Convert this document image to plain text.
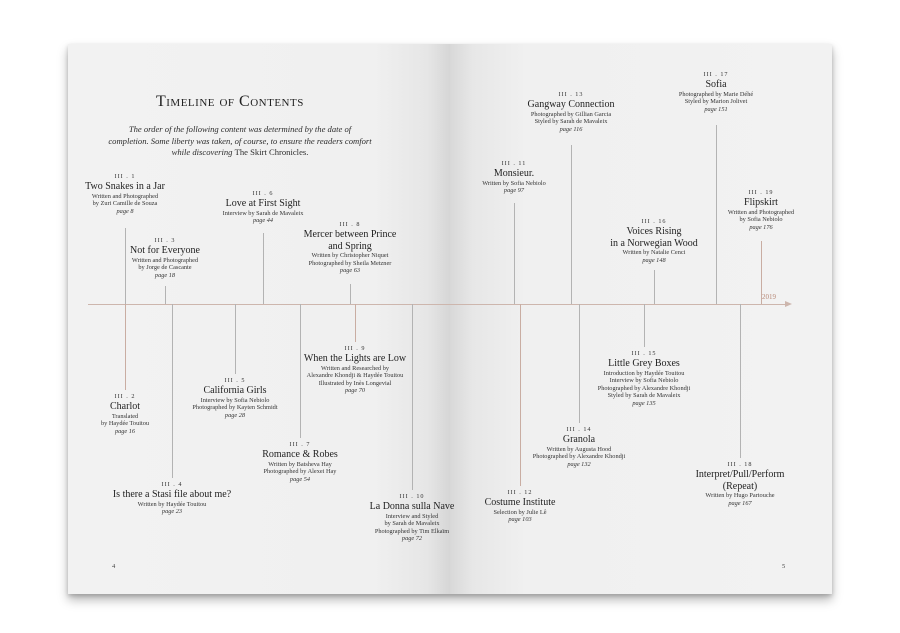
Timeline of Contents
The order of the following content was determined by the date of completion. Some liberty was taken, of course, to ensure the readers comfort while discovering The Skirt Chronicles.
2019
III . 1
Two Snakes in a Jar
Written and Photographed
by Zuri Camille de Souza
page 8
III . 2
Charlot
Translated
by Haydée Touitou
page 16
III . 3
Not for Everyone
Written and Photographed
by Jorge de Cascante
page 18
III . 4
Is there a Stasi file about me?
Written by Haydée Touitou
page 23
III . 5
California Girls
Interview by Sofia Nebiolo
Photographed by Kayten Schmidt
page 28
III . 6
Love at First Sight
Interview by Sarah de Mavaleix
page 44
III . 7
Romance & Robes
Written by Batsheva Hay
Photographed by Alexei Hay
page 54
III . 8
Mercer between Prince
and Spring
Written by Christopher Niquet
Photographed by Sheila Metzner
page 63
III . 9
When the Lights are Low
Written and Researched by
Alexandre Khondji & Haydée Touitou
Illustrated by Inès Longevial
page 70
III . 10
La Donna sulla Nave
Interview and Styled
by Sarah de Mavaleix
Photographed by Tim Elkaïm
page 72
III . 11
Monsieur.
Written by Sofia Nebiolo
page 97
III . 12
Costume Institute
Selection by Julie Lê
page 103
III . 13
Gangway Connection
Photographed by Gillian Garcia
Styled by Sarah de Mavaleix
page 116
III . 14
Granola
Written by Augusta Hood
Photographed by Alexandre Khondji
page 132
III . 15
Little Grey Boxes
Introduction by Haydée Touitou
Interview by Sofia Nebiolo
Photographed by Alexandre Khondji
Styled by Sarah de Mavaleix
page 135
III . 16
Voices Rising
in a Norwegian Wood
Written by Natalie Cenci
page 148
III . 17
Sofia
Photographed by Marie Déhé
Styled by Marion Jolivet
page 151
III . 18
Interpret/Pull/Perform
(Repeat)
Written by Hugo Partouche
page 167
III . 19
Flipskirt
Written and Photographed
by Sofia Nebiolo
page 176
4	5
